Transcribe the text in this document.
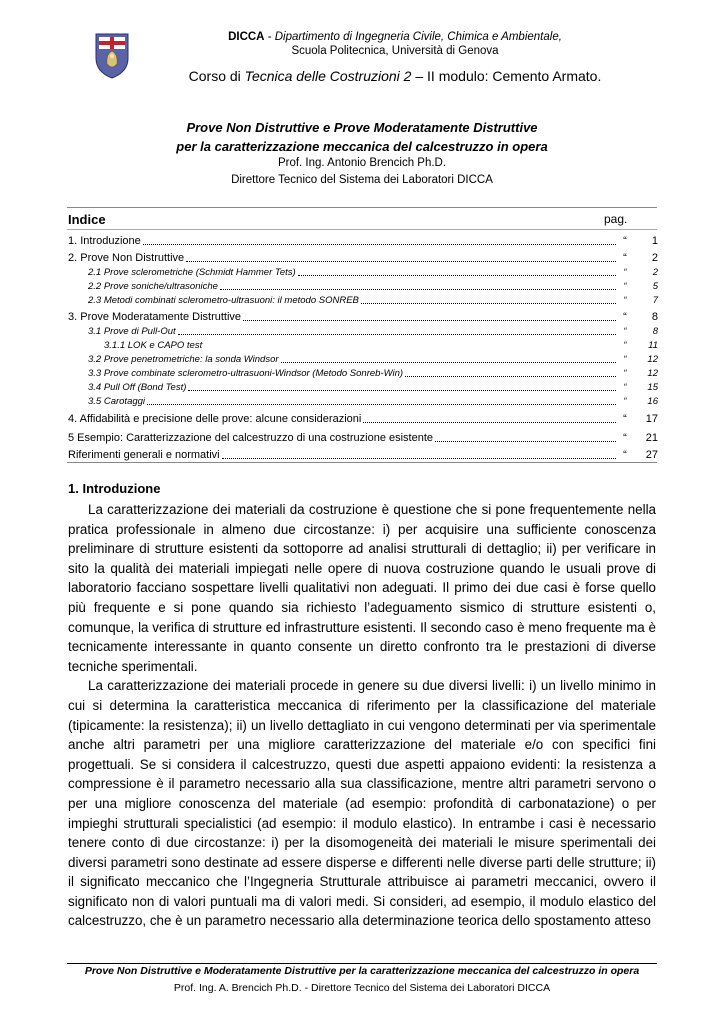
DICCA - Dipartimento di Ingegneria Civile, Chimica e Ambientale,
Scuola Politecnica, Università di Genova
Corso di Tecnica delle Costruzioni 2 – II modulo: Cemento Armato.
Prove Non Distruttive e Prove Moderatamente Distruttive
per la caratterizzazione meccanica del calcestruzzo in opera
Prof. Ing. Antonio Brencich Ph.D.
Direttore Tecnico del Sistema dei Laboratori DICCA
Indice	pag.
1. Introduzione	“	1
2. Prove Non Distruttive	“	2
2.1 Prove sclerometriche (Schmidt Hammer Tets)	“	2
2.2 Prove soniche/ultrasoniche	“	5
2.3 Metodi combinati sclerometro-ultrasuoni: il metodo SONREB	“	7
3. Prove Moderatamente Distruttive	“	8
3.1 Prove di Pull-Out	“	8
3.1.1 LOK e CAPO test	“	11
3.2 Prove penetrometriche: la sonda Windsor	“	12
3.3 Prove combinate sclerometro-ultrasuoni-Windsor (Metodo Sonreb-Win)	“	12
3.4 Pull Off (Bond Test)	“	15
3.5 Carotaggi	“	16
4. Affidabilità e precisione delle prove: alcune considerazioni	“	17
5 Esempio: Caratterizzazione del calcestruzzo di una costruzione esistente	“	21
Riferimenti generali e normativi	“	27
1. Introduzione

La caratterizzazione dei materiali da costruzione è questione che si pone frequentemente nella pratica professionale in almeno due circostanze: i) per acquisire una sufficiente conoscenza preliminare di strutture esistenti da sottoporre ad analisi strutturali di dettaglio; ii) per verificare in sito la qualità dei materiali impiegati nelle opere di nuova costruzione quando le usuali prove di laboratorio facciano sospettare livelli qualitativi non adeguati. Il primo dei due casi è forse quello più frequente e si pone quando sia richiesto l’adeguamento sismico di strutture esistenti o, comunque, la verifica di strutture ed infrastrutture esistenti. Il secondo caso è meno frequente ma è tecnicamente interessante in quanto consente un diretto confronto tra le prestazioni di diverse tecniche sperimentali.

La caratterizzazione dei materiali procede in genere su due diversi livelli: i) un livello minimo in cui si determina la caratteristica meccanica di riferimento per la classificazione del materiale (tipicamente: la resistenza); ii) un livello dettagliato in cui vengono determinati per via sperimentale anche altri parametri per una migliore caratterizzazione del materiale e/o con specifici fini progettuali. Se si considera il calcestruzzo, questi due aspetti appaiono evidenti: la resistenza a compressione è il parametro necessario alla sua classificazione, mentre altri parametri servono o per una migliore conoscenza del materiale (ad esempio: profondità di carbonatazione) o per impieghi strutturali specialistici (ad esempio: il modulo elastico). In entrambe i casi è necessario tenere conto di due circostanze: i) per la disomogeneità dei materiali le misure sperimentali dei diversi parametri sono destinate ad essere disperse e differenti nelle diverse parti delle strutture; ii) il significato meccanico che l’Ingegneria Strutturale attribuisce ai parametri meccanici, ovvero il significato non di valori puntuali ma di valori medi. Si consideri, ad esempio, il modulo elastico del calcestruzzo, che è un parametro necessario alla determinazione teorica dello spostamento atteso

Prove Non Distruttive e Moderatamente Distruttive per la caratterizzazione meccanica del calcestruzzo in opera
Prof. Ing. A. Brencich Ph.D. - Direttore Tecnico del Sistema dei Laboratori DICCA
